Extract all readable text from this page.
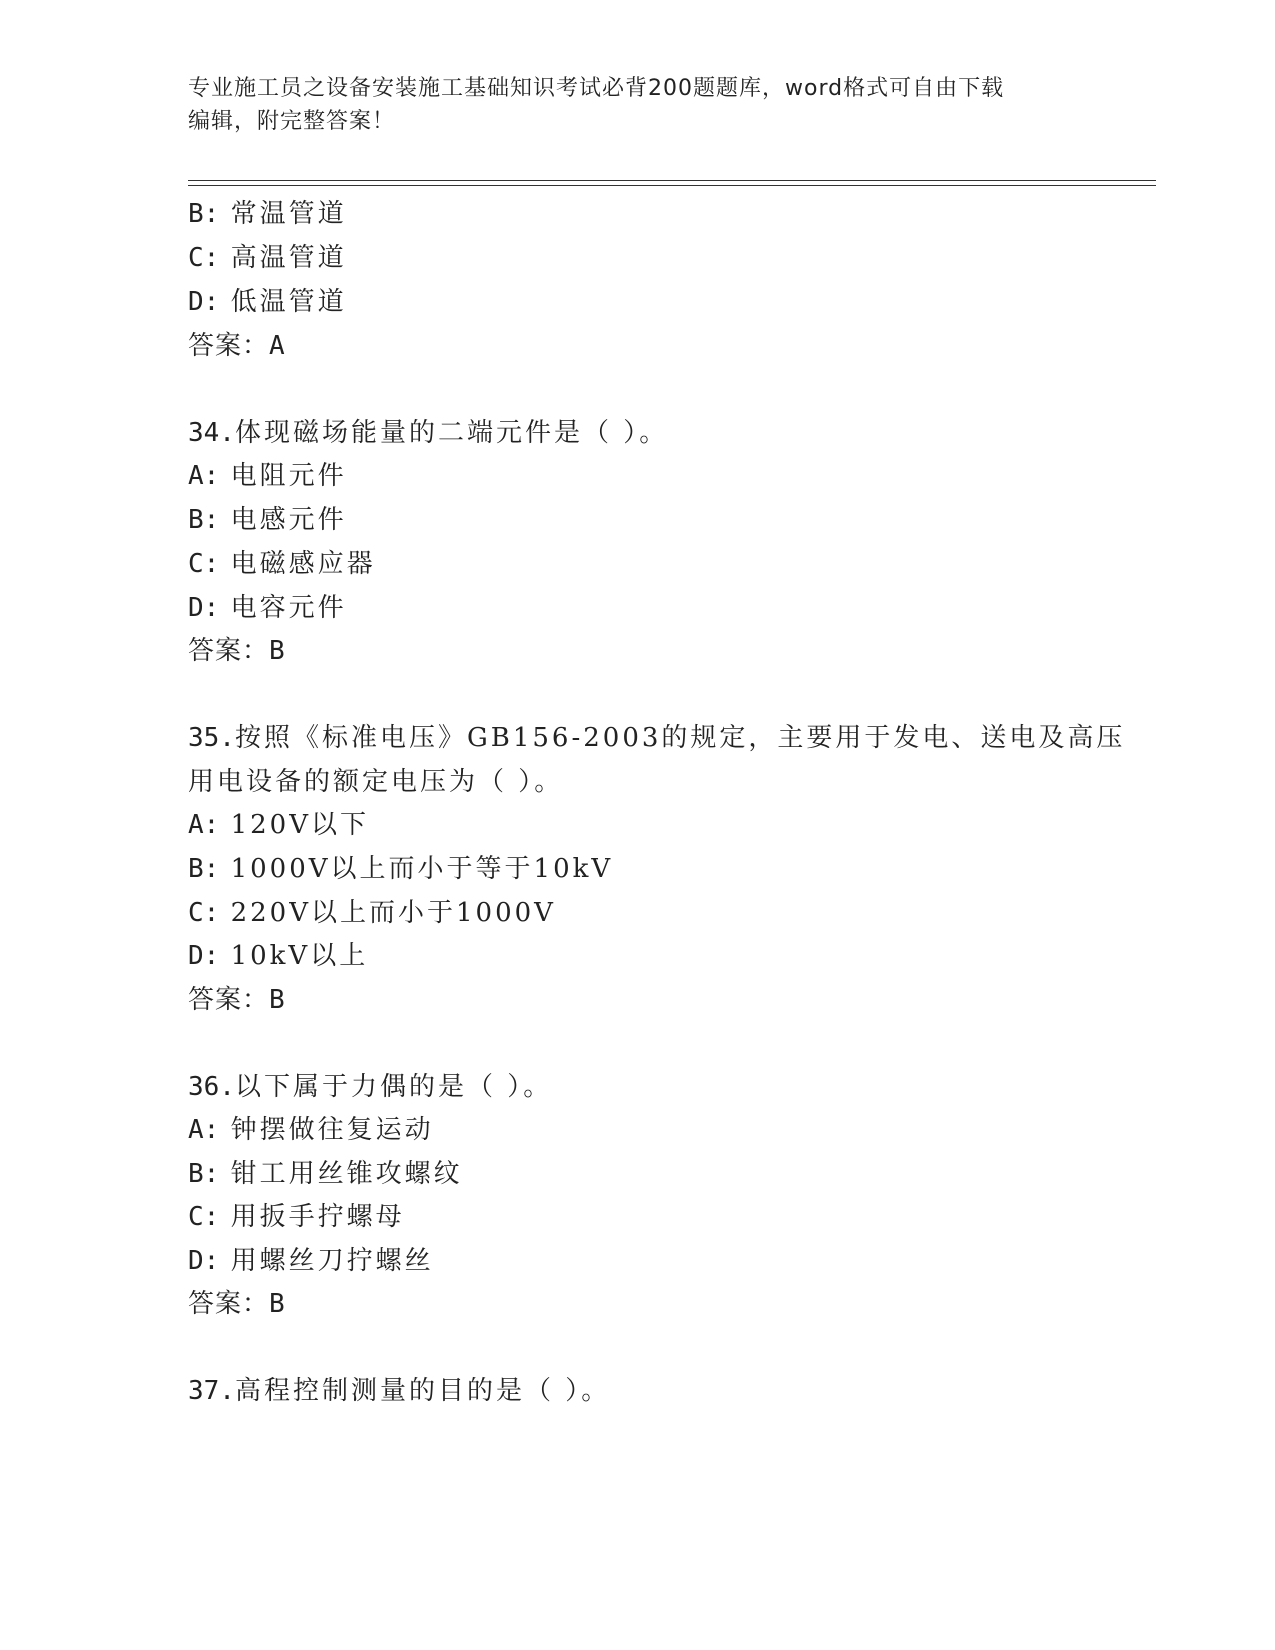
专业施工员之设备安装施工基础知识考试必背200题题库，word格式可自由下载
编辑，附完整答案！
B: 常温管道
C: 高温管道
D: 低温管道
答案：A
34.体现磁场能量的二端元件是（ ）。
A: 电阻元件
B: 电感元件
C: 电磁感应器
D: 电容元件
答案：B
35.按照《标准电压》GB156-2003的规定，主要用于发电、送电及高压
用电设备的额定电压为（ ）。
A: 120V以下
B: 1000V以上而小于等于10kV
C: 220V以上而小于1000V
D: 10kV以上
答案：B
36.以下属于力偶的是（ ）。
A: 钟摆做往复运动
B: 钳工用丝锥攻螺纹
C: 用扳手拧螺母
D: 用螺丝刀拧螺丝
答案：B
37.高程控制测量的目的是（ ）。
